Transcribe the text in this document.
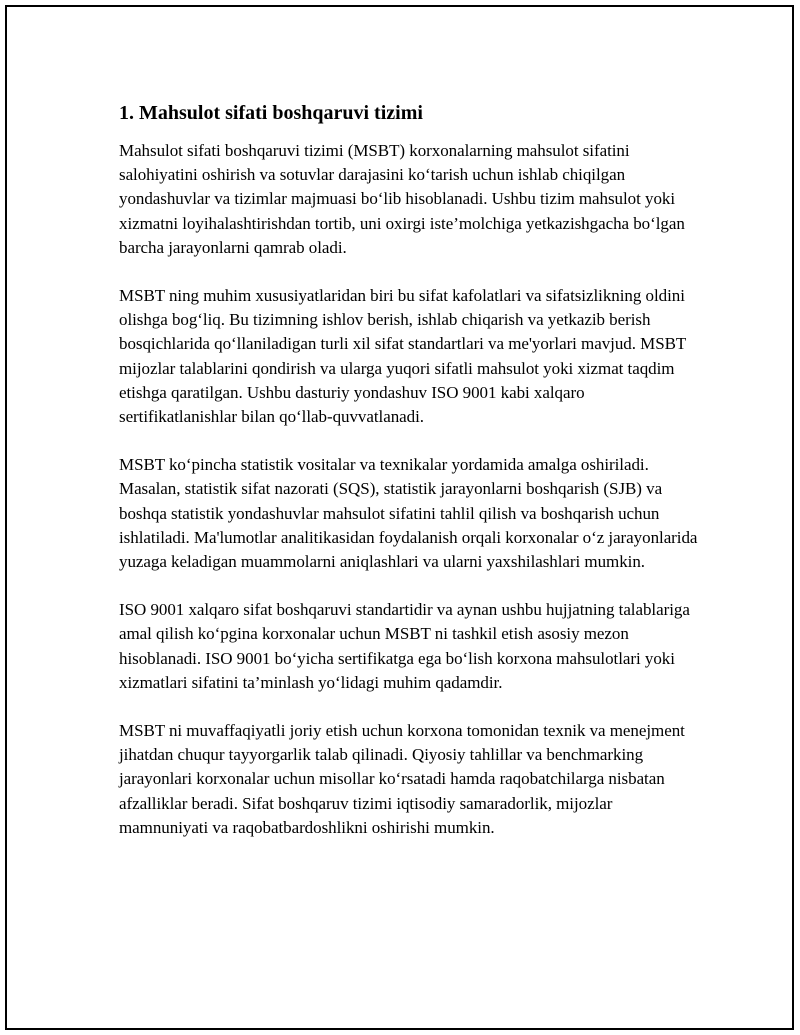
1. Mahsulot sifati boshqaruvi tizimi

Mahsulot sifati boshqaruvi tizimi (MSBT) korxonalarning mahsulot sifatini salohiyatini oshirish va sotuvlar darajasini ko‘tarish uchun ishlab chiqilgan yondashuvlar va tizimlar majmuasi bo‘lib hisoblanadi. Ushbu tizim mahsulot yoki xizmatni loyihalashtirishdan tortib, uni oxirgi iste’molchiga yetkazishgacha bo‘lgan barcha jarayonlarni qamrab oladi.

MSBT ning muhim xususiyatlaridan biri bu sifat kafolatlari va sifatsizlikning oldini olishga bog‘liq. Bu tizimning ishlov berish, ishlab chiqarish va yetkazib berish bosqichlarida qo‘llaniladigan turli xil sifat standartlari va me'yorlari mavjud. MSBT mijozlar talablarini qondirish va ularga yuqori sifatli mahsulot yoki xizmat taqdim etishga qaratilgan. Ushbu dasturiy yondashuv ISO 9001 kabi xalqaro sertifikatlanishlar bilan qo‘llab-quvvatlanadi.

MSBT ko‘pincha statistik vositalar va texnikalar yordamida amalga oshiriladi. Masalan, statistik sifat nazorati (SQS), statistik jarayonlarni boshqarish (SJB) va boshqa statistik yondashuvlar mahsulot sifatini tahlil qilish va boshqarish uchun ishlatiladi. Ma'lumotlar analitikasidan foydalanish orqali korxonalar o‘z jarayonlarida yuzaga keladigan muammolarni aniqlashlari va ularni yaxshilashlari mumkin.

ISO 9001 xalqaro sifat boshqaruvi standartidir va aynan ushbu hujjatning talablariga amal qilish ko‘pgina korxonalar uchun MSBT ni tashkil etish asosiy mezon hisoblanadi. ISO 9001 bo‘yicha sertifikatga ega bo‘lish korxona mahsulotlari yoki xizmatlari sifatini ta’minlash yo‘lidagi muhim qadamdir.

MSBT ni muvaffaqiyatli joriy etish uchun korxona tomonidan texnik va menejment jihatdan chuqur tayyorgarlik talab qilinadi. Qiyosiy tahlillar va benchmarking jarayonlari korxonalar uchun misollar ko‘rsatadi hamda raqobatchilarga nisbatan afzalliklar beradi. Sifat boshqaruv tizimi iqtisodiy samaradorlik, mijozlar mamnuniyati va raqobatbardoshlikni oshirishi mumkin.
